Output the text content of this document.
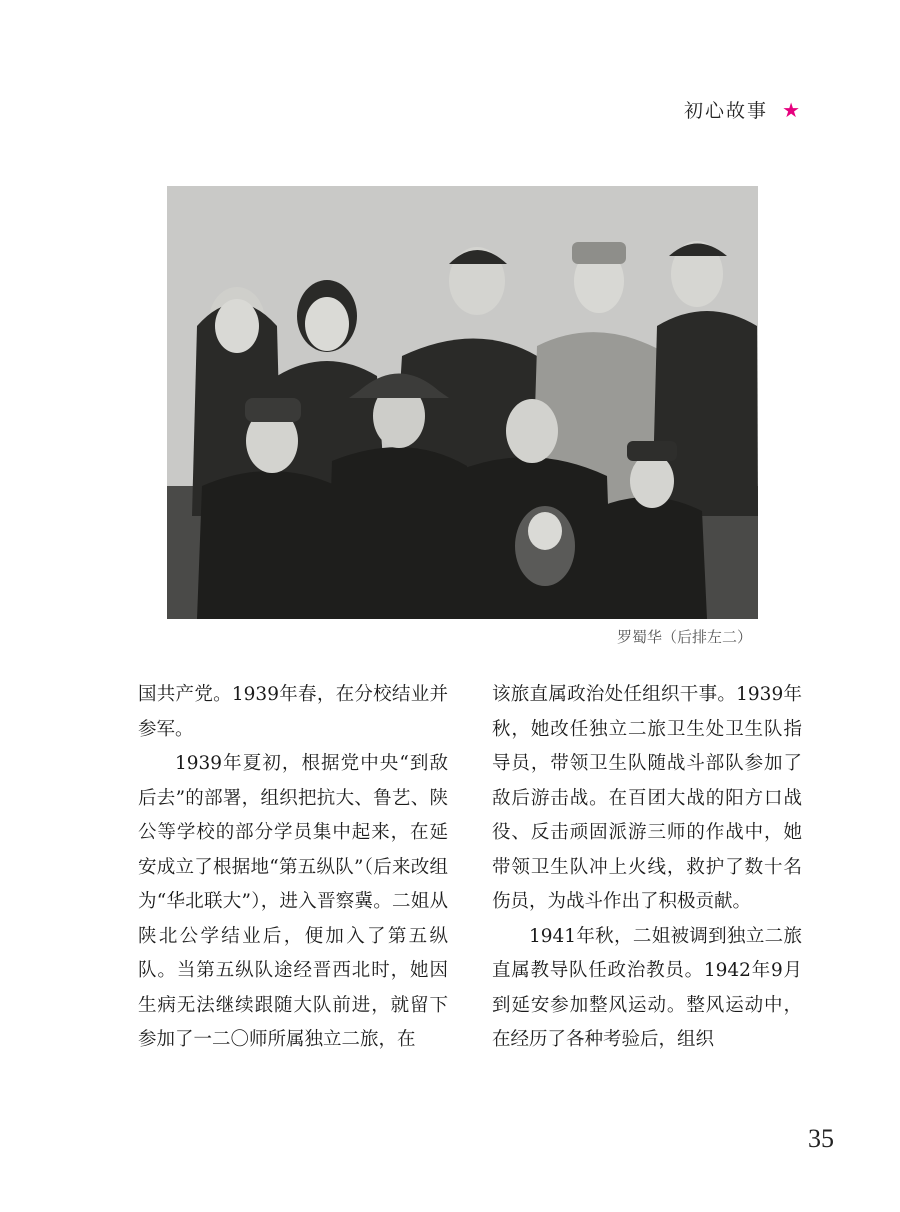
初心故事 ★
罗蜀华（后排左二）

国共产党。1939年春，在分校结业并参军。

1939年夏初，根据党中央“到敌后去”的部署，组织把抗大、鲁艺、陕公等学校的部分学员集中起来，在延安成立了根据地“第五纵队”（后来改组为“华北联大”），进入晋察冀。二姐从陕北公学结业后，便加入了第五纵队。当第五纵队途经晋西北时，她因生病无法继续跟随大队前进，就留下参加了一二〇师所属独立二旅，在

该旅直属政治处任组织干事。1939年秋，她改任独立二旅卫生处卫生队指导员，带领卫生队随战斗部队参加了敌后游击战。在百团大战的阳方口战役、反击顽固派游三师的作战中，她带领卫生队冲上火线，救护了数十名伤员，为战斗作出了积极贡献。

1941年秋，二姐被调到独立二旅直属教导队任政治教员。1942年9月到延安参加整风运动。整风运动中，在经历了各种考验后，组织

35
